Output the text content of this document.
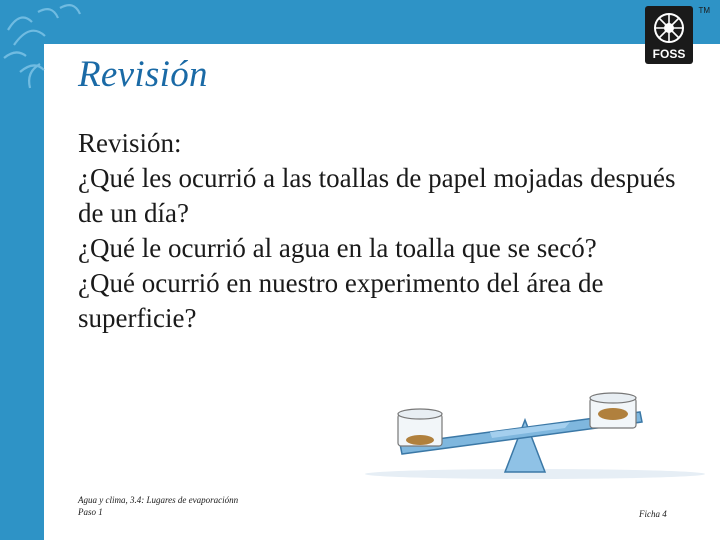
TM
FOSS
Revisión

Revisión:

¿Qué les ocurrió a las toallas de papel mojadas después de un día?

¿Qué le ocurrió al agua en la toalla que se secó?

¿Qué ocurrió en nuestro experimento del área de superficie?

Agua y clima, 3.4: Lugares de evaporaciónn
Paso 1	Ficha 4
